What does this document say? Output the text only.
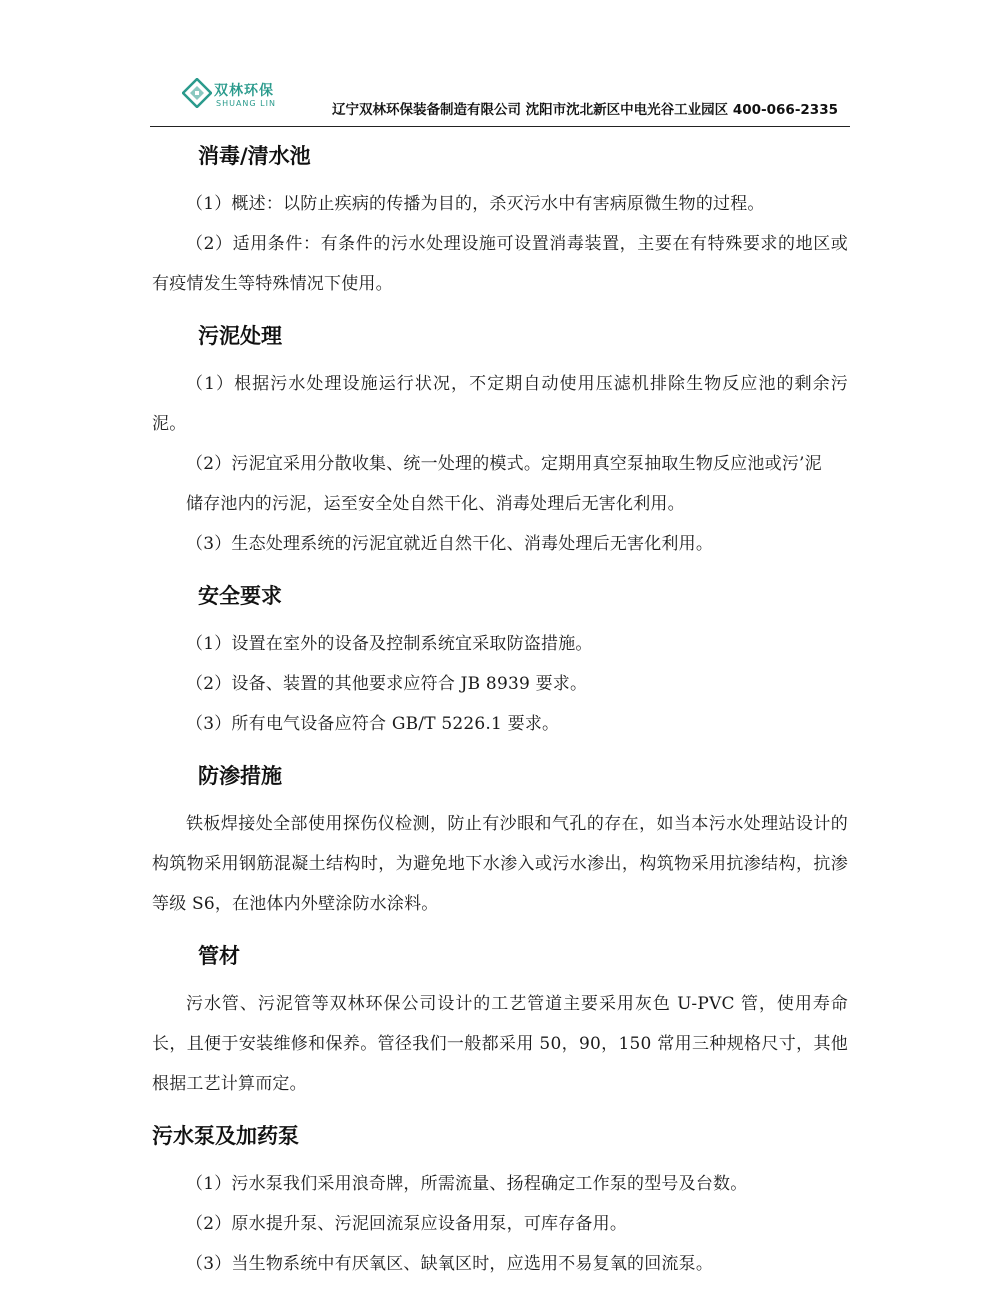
双林环保
SHUANG LIN	辽宁双林环保装备制造有限公司 沈阳市沈北新区中电光谷工业园区 400-066-2335
消毒/清水池

（1）概述：以防止疾病的传播为目的，杀灭污水中有害病原微生物的过程。

（2）适用条件：有条件的污水处理设施可设置消毒装置，主要在有特殊要求的地区或有疫情发生等特殊情况下使用。

污泥处理

（1）根据污水处理设施运行状况，不定期自动使用压滤机排除生物反应池的剩余污泥。

（2）污泥宜采用分散收集、统一处理的模式。定期用真空泵抽取生物反应池或污’泥

储存池内的污泥，运至安全处自然干化、消毒处理后无害化利用。

（3）生态处理系统的污泥宜就近自然干化、消毒处理后无害化利用。

安全要求

（1）设置在室外的设备及控制系统宜采取防盗措施。

（2）设备、装置的其他要求应符合 JB 8939 要求。

（3）所有电气设备应符合 GB/T 5226.1 要求。

防渗措施

铁板焊接处全部使用探伤仪检测，防止有沙眼和气孔的存在，如当本污水处理站设计的构筑物采用钢筋混凝土结构时，为避免地下水渗入或污水渗出，构筑物采用抗渗结构，抗渗等级 S6，在池体内外壁涂防水涂料。

管材

污水管、污泥管等双林环保公司设计的工艺管道主要采用灰色 U-PVC 管，使用寿命长，且便于安装维修和保养。管径我们一般都采用 50，90，150 常用三种规格尺寸，其他根据工艺计算而定。

污水泵及加药泵

（1）污水泵我们采用浪奇牌，所需流量、扬程确定工作泵的型号及台数。

（2）原水提升泵、污泥回流泵应设备用泵，可库存备用。

（3）当生物系统中有厌氧区、缺氧区时，应选用不易复氧的回流泵。
